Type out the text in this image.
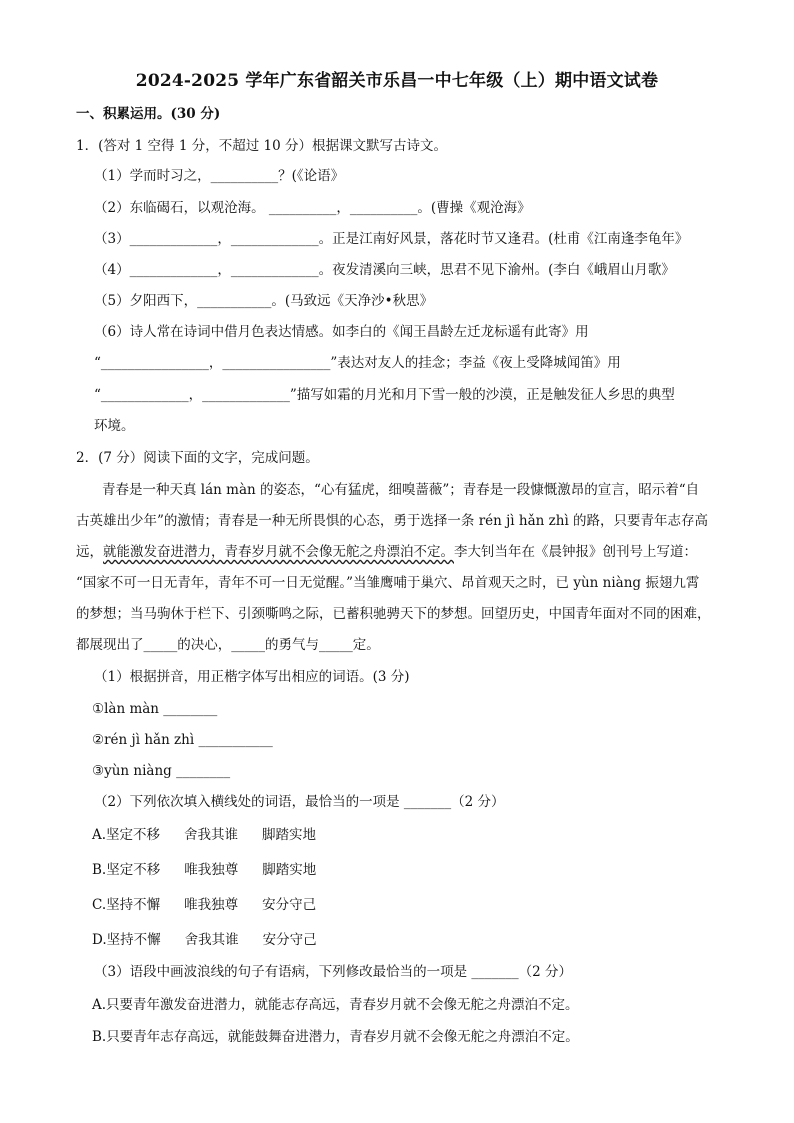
2024-2025 学年广东省韶关市乐昌一中七年级（上）期中语文试卷
一、积累运用。(30 分)
1．(答对 1 空得 1 分，不超过 10 分）根据课文默写古诗文。
（1）学而时习之，__________？(《论语》
（2）东临碣石，以观沧海。 __________，__________。(曹操《观沧海》
（3）_____________，_____________。正是江南好风景，落花时节又逢君。(杜甫《江南逢李龟年》
（4）_____________，_____________。夜发清溪向三峡，思君不见下渝州。(李白《峨眉山月歌》
（5）夕阳西下，___________。(马致远《天净沙•秋思》
（6）诗人常在诗词中借月色表达情感。如李白的《闻王昌龄左迁龙标遥有此寄》用
“________________，________________”表达对友人的挂念；李益《夜上受降城闻笛》用
“_____________，_____________”描写如霜的月光和月下雪一般的沙漠，正是触发征人乡思的典型
环境。
2．(7 分）阅读下面的文字，完成问题。
青春是一种天真 lán màn 的姿态，“心有猛虎，细嗅蔷薇”；青春是一段慷慨激昂的宣言，昭示着“自
古英雄出少年”的激情；青春是一种无所畏惧的心态，勇于选择一条 rén jì hǎn zhì 的路，只要青年志存高
远，就能激发奋进潜力，青春岁月就不会像无舵之舟漂泊不定。李大钊当年在《晨钟报》创刊号上写道：
“国家不可一日无青年，青年不可一日无觉醒。”当雏鹰哺于巢穴、昂首观天之时，已 yùn niàng 振翅九霄
的梦想；当马驹休于栏下、引颈嘶鸣之际，已蓄积驰骋天下的梦想。回望历史，中国青年面对不同的困难，
都展现出了_____的决心，_____的勇气与_____定。
（1）根据拼音，用正楷字体写出相应的词语。(3 分)
①làn màn ________
②rén jì hǎn zhì ___________
③yùn niàng ________
（2）下列依次填入横线处的词语，最恰当的一项是 _______（2 分）
A.坚定不移 舍我其谁 脚踏实地
B.坚定不移 唯我独尊 脚踏实地
C.坚持不懈 唯我独尊 安分守己
D.坚持不懈 舍我其谁 安分守己
（3）语段中画波浪线的句子有语病，下列修改最恰当的一项是 _______（2 分）
A.只要青年激发奋进潜力，就能志存高远，青春岁月就不会像无舵之舟漂泊不定。
B.只要青年志存高远，就能鼓舞奋进潜力，青春岁月就不会像无舵之舟漂泊不定。
